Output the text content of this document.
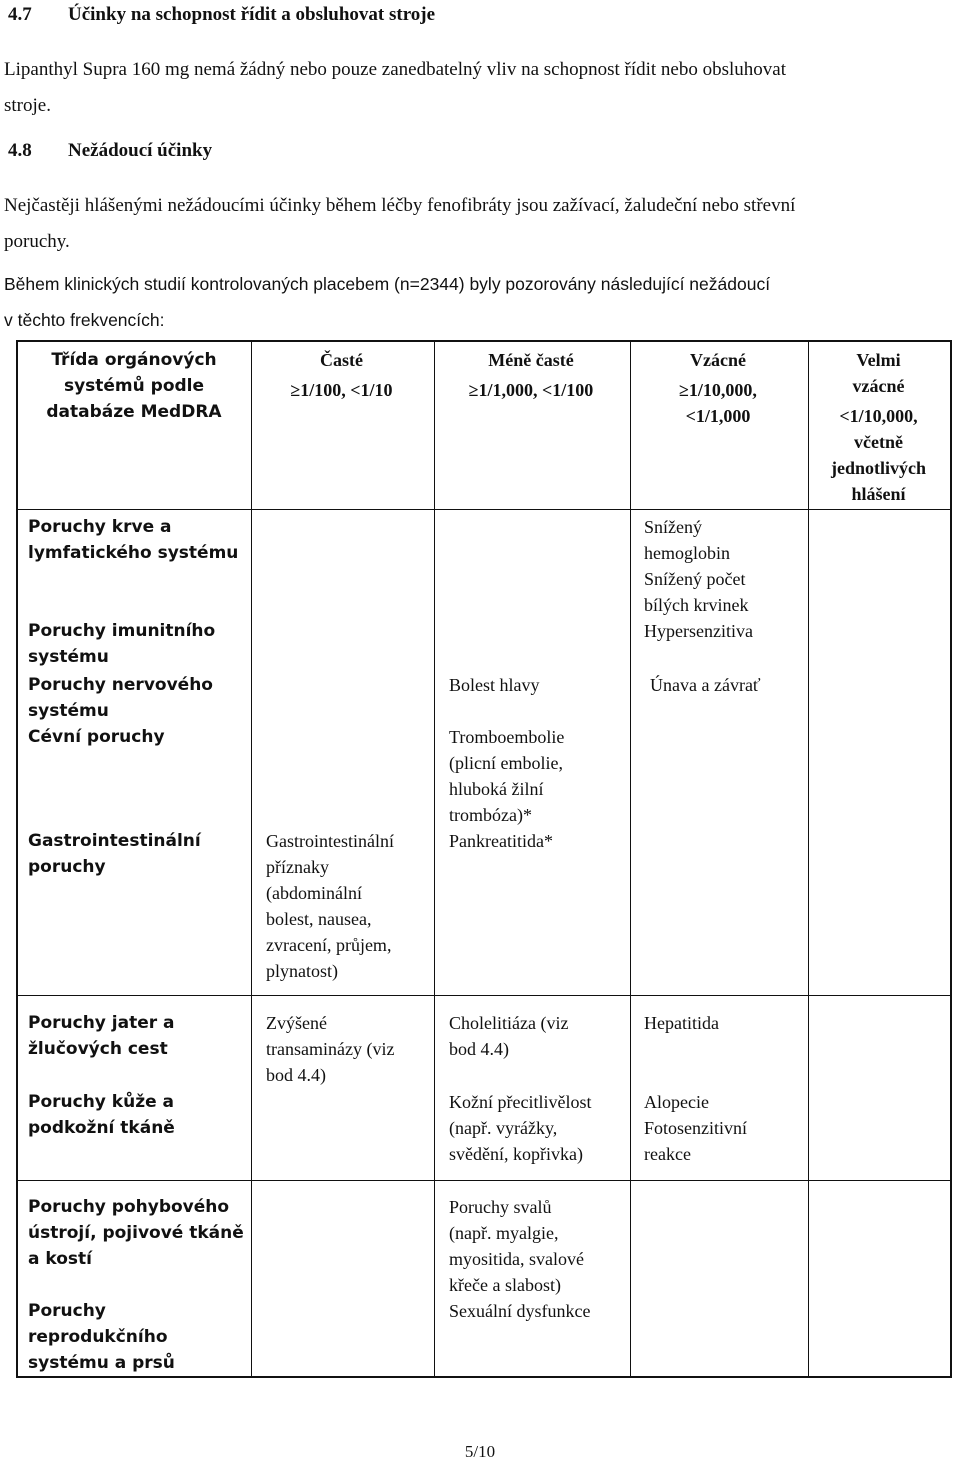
4.7 Účinky na schopnost řídit a obsluhovat stroje
Lipanthyl Supra 160 mg nemá žádný nebo pouze zanedbatelný vliv na schopnost řídit nebo obsluhovat
stroje.
4.8 Nežádoucí účinky
Nejčastěji hlášenými nežádoucími účinky během léčby fenofibráty jsou zažívací, žaludeční nebo střevní
poruchy.
Během klinických studií kontrolovaných placebem (n=2344) byly pozorovány následující nežádoucí
v těchto frekvencích:
Třída orgánových
systémů podle
databáze MedDRA
Časté
≥1/100, <1/10
Méně časté
≥1/1,000, <1/100
Vzácné
≥1/10,000,
<1/1,000
Velmi
vzácné
<1/10,000,
včetně
jednotlivých
hlášení
Poruchy krve a
lymfatického systému
Snížený
hemoglobin
Snížený počet
bílých krvinek
Poruchy imunitního
systému
Hypersenzitiva
Poruchy nervového
systému
Bolest hlavy	Únava a závrať
Cévní poruchy	Tromboembolie
(plicní embolie,
hluboká žilní
trombóza)*
Gastrointestinální
poruchy
Gastrointestinální
příznaky
(abdominální
bolest, nausea,
zvracení, průjem,
plynatost)
Pankreatitida*
Poruchy jater a
žlučových cest
Zvýšené
transaminázy (viz
bod 4.4)
Cholelitiáza (viz
bod 4.4)
Hepatitida
Poruchy kůže a
podkožní tkáně
Kožní přecitlivělost
(např. vyrážky,
svědění, kopřivka)
Alopecie
Fotosenzitivní
reakce
Poruchy pohybového
ústrojí, pojivové tkáně
a kostí
Poruchy svalů
(např. myalgie,
myositida, svalové
křeče a slabost)
Poruchy
reprodukčního
systému a prsů
Sexuální dysfunkce
5/10
